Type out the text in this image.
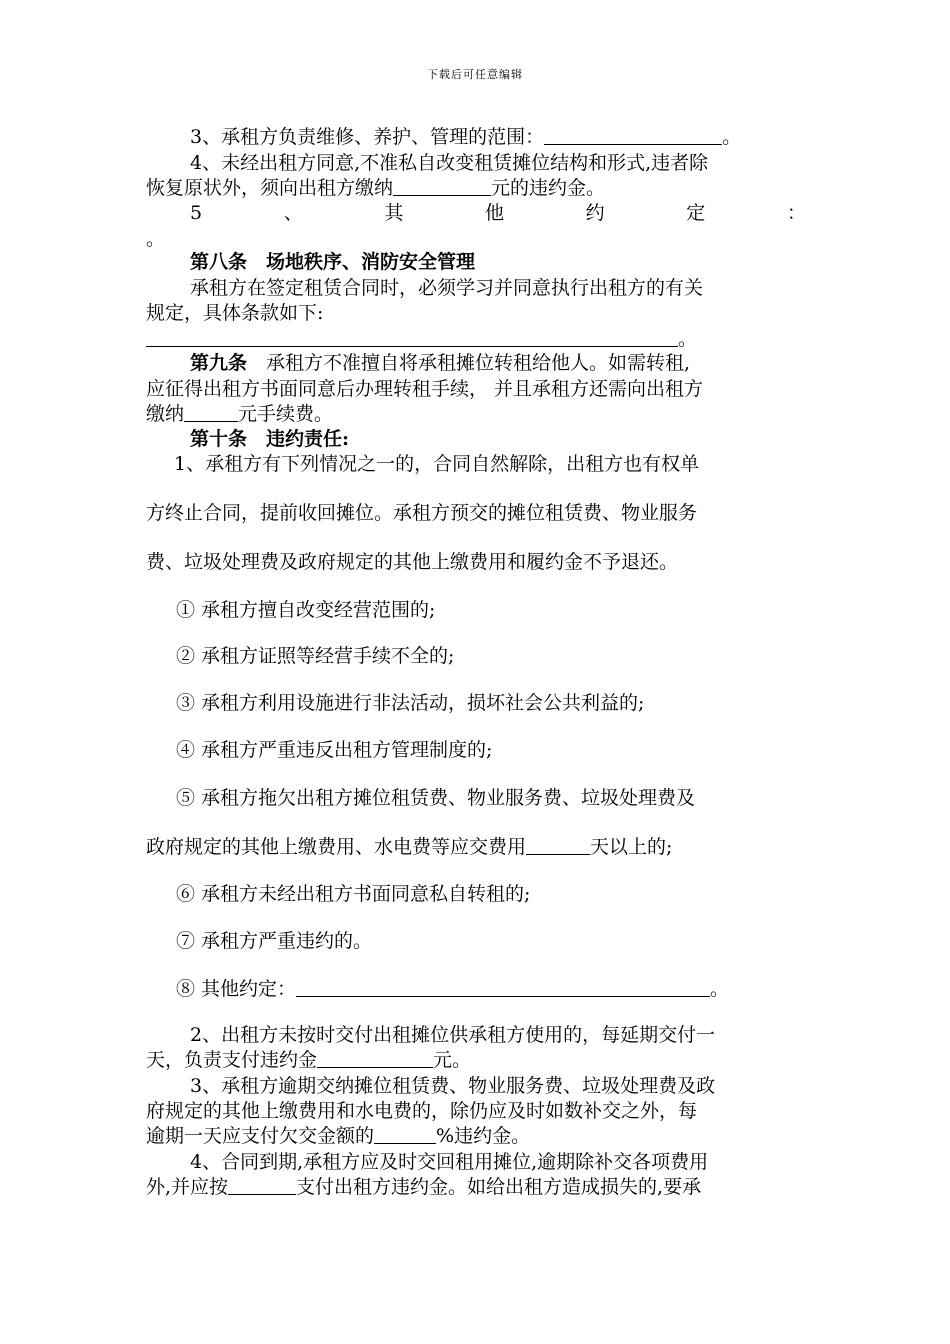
下载后可任意编辑
3、承租方负责维修、养护、管理的范围：	。
4、未经出租方同意,不准私自改变租赁摊位结构和形式,违者除
恢复原状外，须向出租方缴纳	元的违约金。
5	、	其	他	约	定	：
。
第八条　场地秩序、消防安全管理
承租方在签定租赁合同时，必须学习并同意执行出租方的有关
规定，具体条款如下:
。
第九条　承租方不准擅自将承租摊位转租给他人。如需转租,
应征得出租方书面同意后办理转租手续， 并且承租方还需向出租方
缴纳	元手续费。
第十条　违约责任:
1、承租方有下列情况之一的，合同自然解除，出租方也有权单
方终止合同，提前收回摊位。承租方预交的摊位租赁费、物业服务
费、垃圾处理费及政府规定的其他上缴费用和履约金不予退还。
① 承租方擅自改变经营范围的;
② 承租方证照等经营手续不全的;
③ 承租方利用设施进行非法活动，损坏社会公共利益的;
④ 承租方严重违反出租方管理制度的;
⑤ 承租方拖欠出租方摊位租赁费、物业服务费、垃圾处理费及
政府规定的其他上缴费用、水电费等应交费用	天以上的;
⑥ 承租方未经出租方书面同意私自转租的;
⑦ 承租方严重违约的。
⑧ 其他约定：	。
2、出租方未按时交付出租摊位供承租方使用的，每延期交付一
天，负责支付违约金	元。
3、承租方逾期交纳摊位租赁费、物业服务费、垃圾处理费及政
府规定的其他上缴费用和水电费的，除仍应及时如数补交之外，每
逾期一天应支付欠交金额的	%违约金。
4、合同到期,承租方应及时交回租用摊位,逾期除补交各项费用
外,并应按	支付出租方违约金。如给出租方造成损失的,要承
